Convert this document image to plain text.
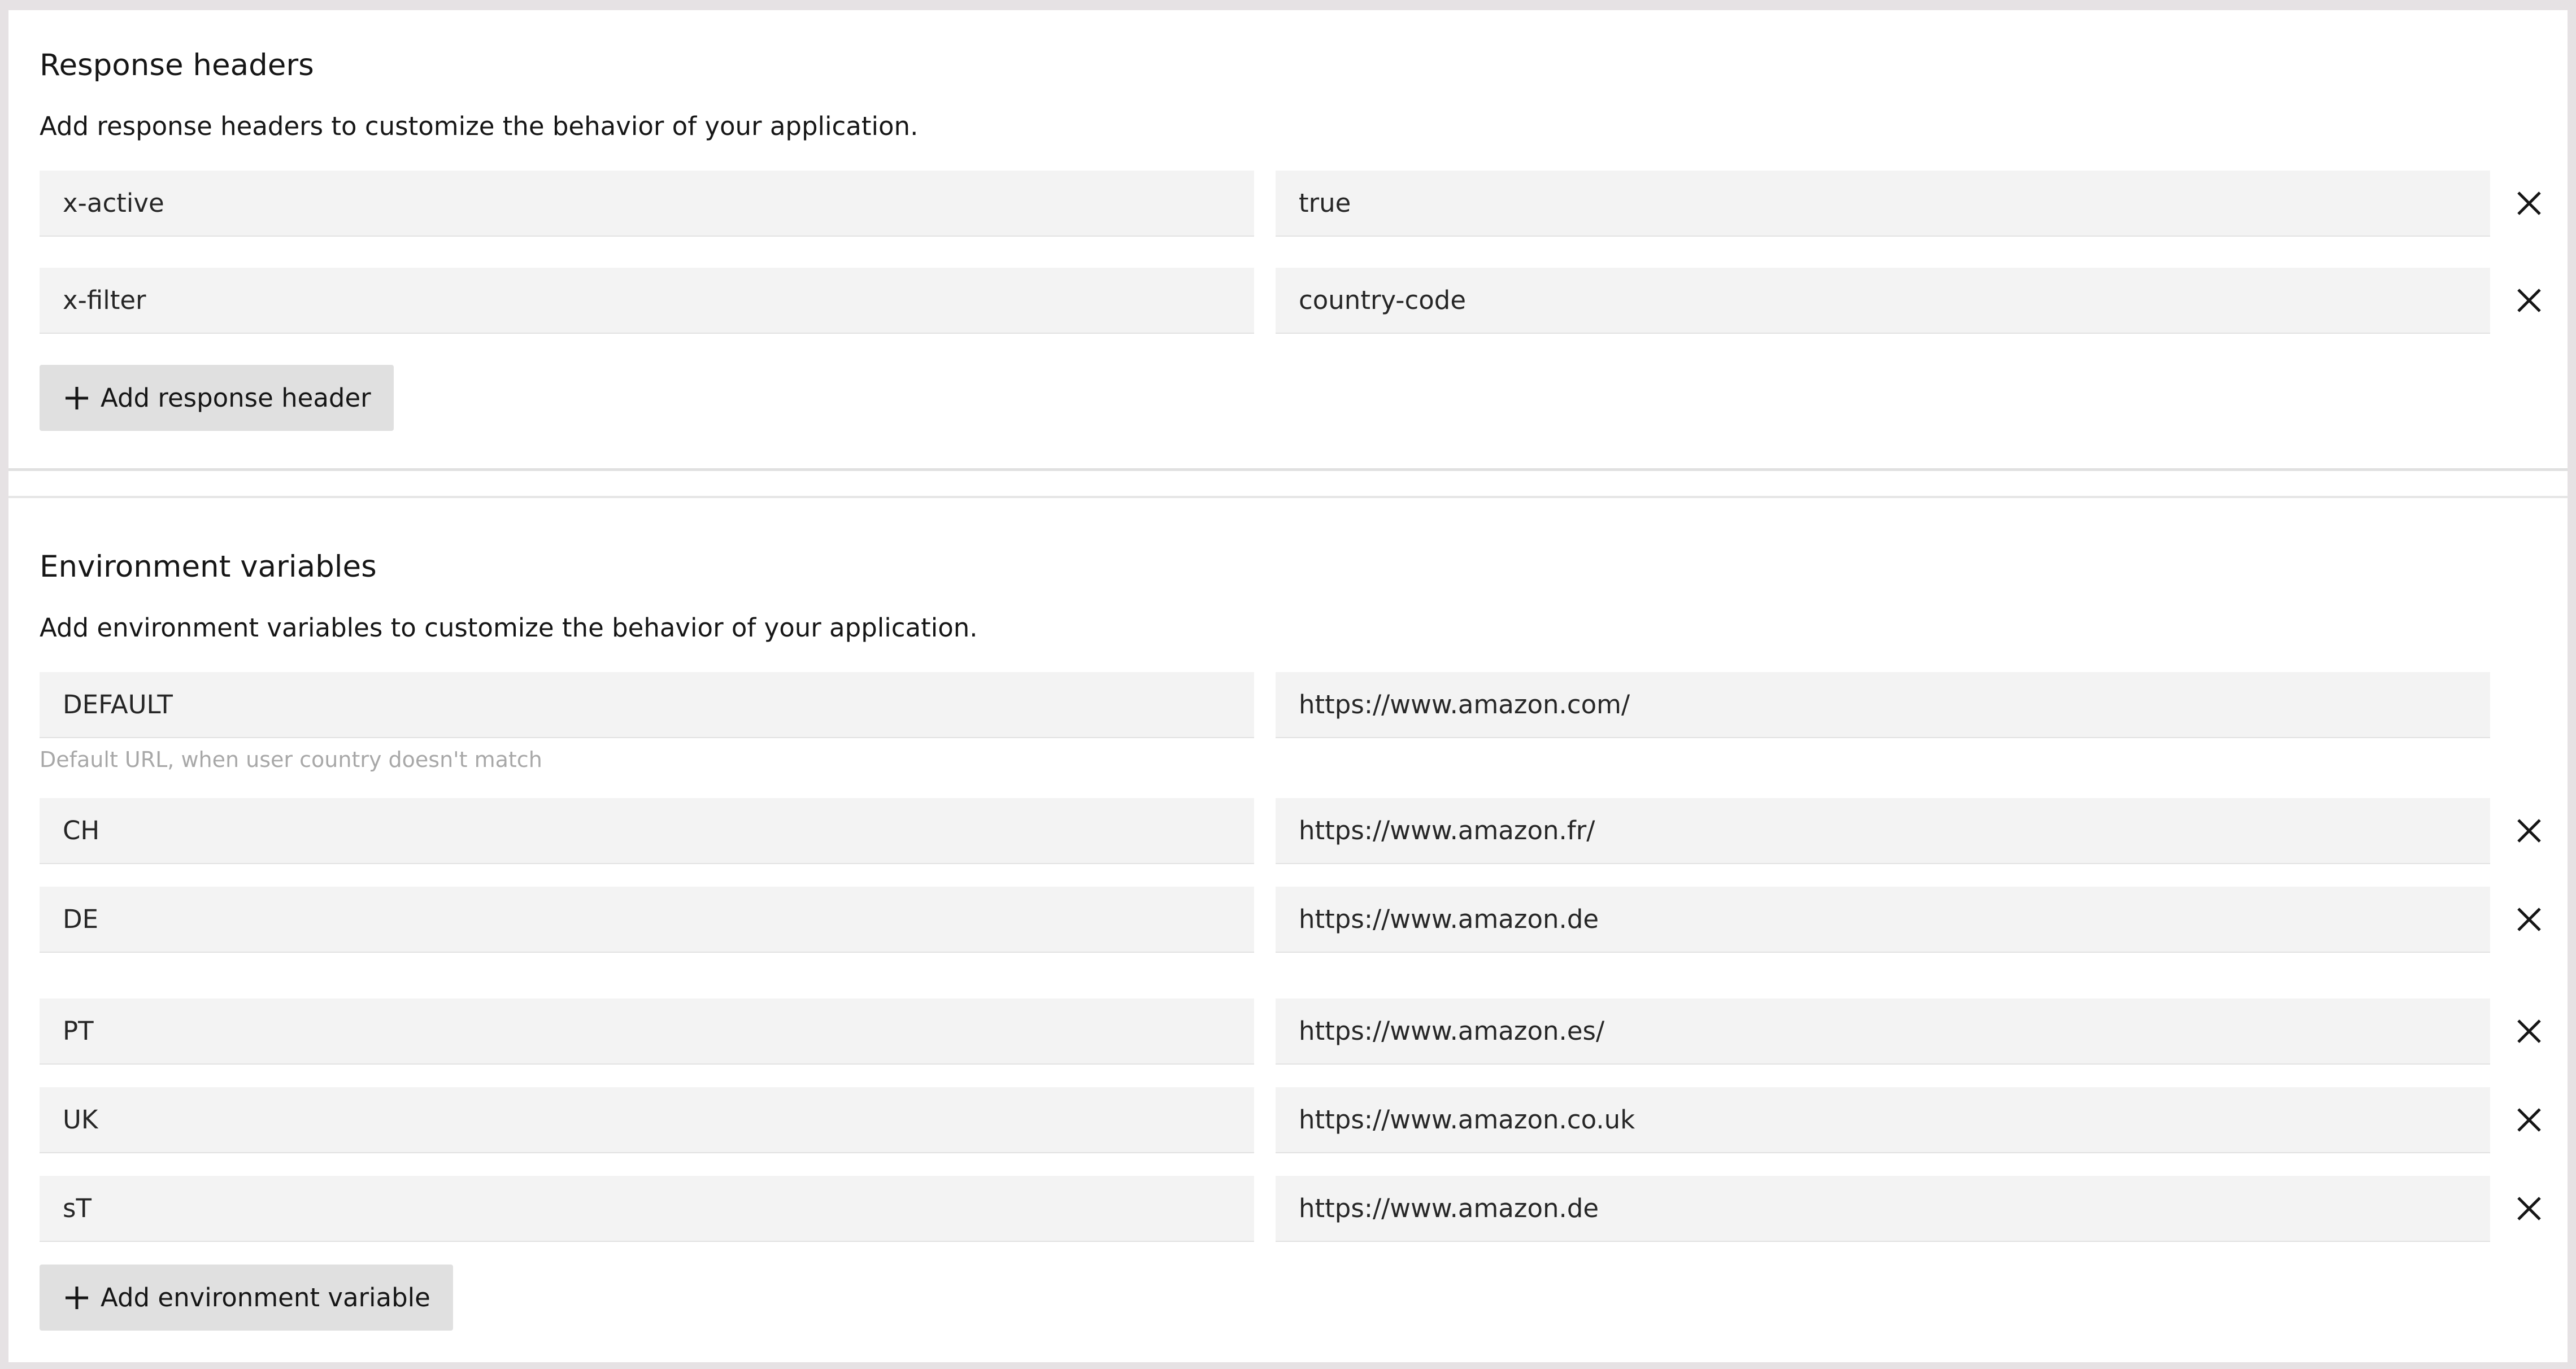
Response headers

Add response headers to customize the behavior of your application.

x-active
true
x-filter
country-code
Add response header
Environment variables

Add environment variables to customize the behavior of your application.

DEFAULT
https://www.amazon.com/
Default URL, when user country doesn't match
CH
https://www.amazon.fr/
DE
https://www.amazon.de
PT
https://www.amazon.es/
UK
https://www.amazon.co.uk
sT
https://www.amazon.de
Add environment variable
